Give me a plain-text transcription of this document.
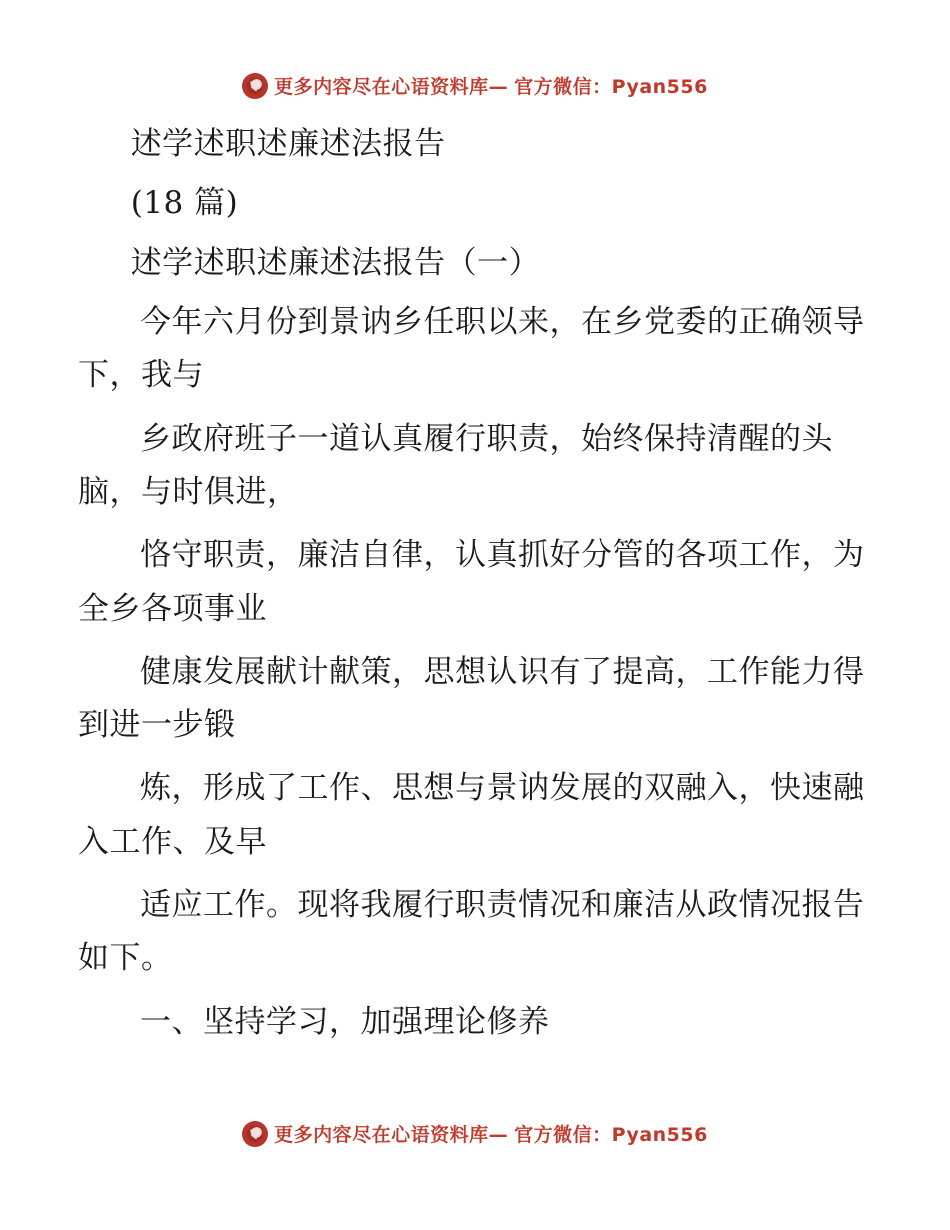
更多内容尽在心语资料库— 官方微信：Pyan556

述学述职述廉述法报告

(18 篇)

述学述职述廉述法报告（一）

今年六月份到景讷乡任职以来，在乡党委的正确领导下，我与

乡政府班子一道认真履行职责，始终保持清醒的头脑，与时俱进，

恪守职责，廉洁自律，认真抓好分管的各项工作，为全乡各项事业

健康发展献计献策，思想认识有了提高，工作能力得到进一步锻

炼，形成了工作、思想与景讷发展的双融入，快速融入工作、及早

适应工作。现将我履行职责情况和廉洁从政情况报告如下。

一、坚持学习，加强理论修养

更多内容尽在心语资料库— 官方微信：Pyan556
